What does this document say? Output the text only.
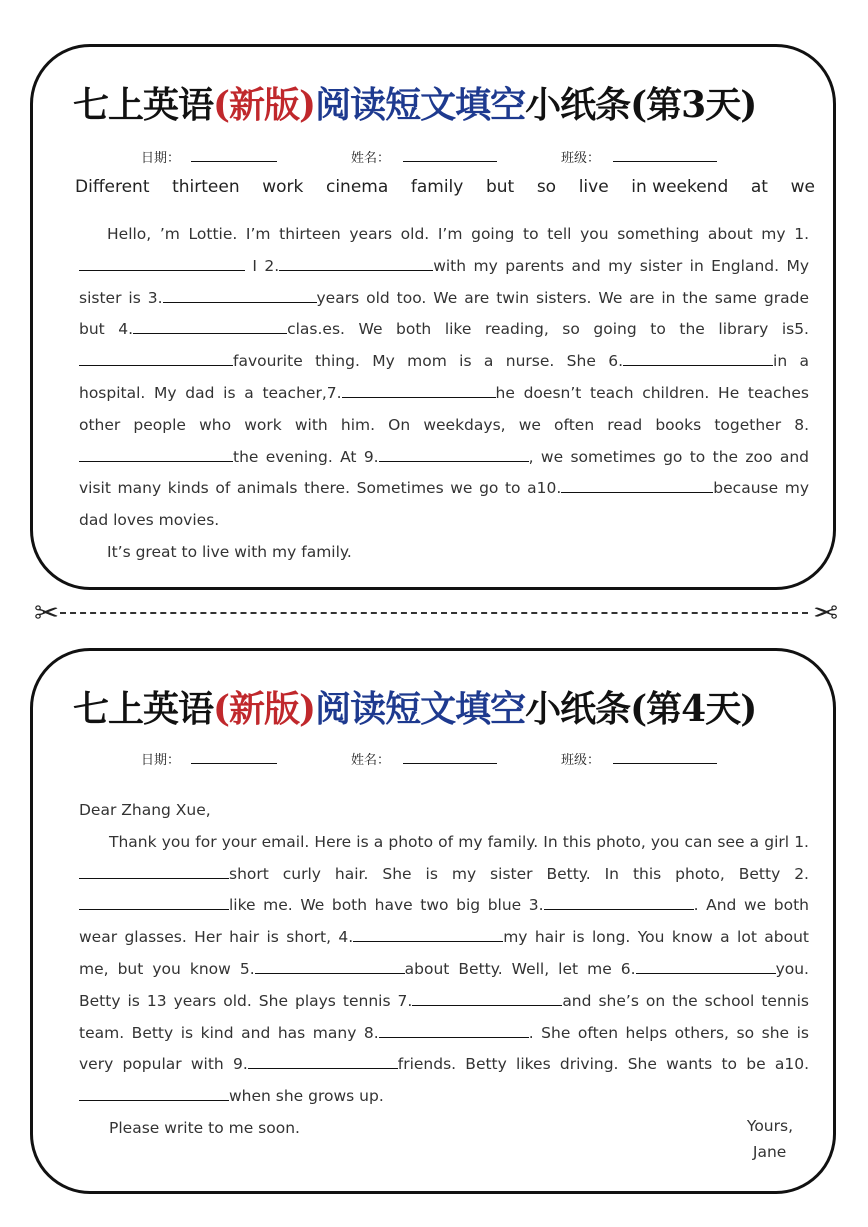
七上英语(新版)阅读短文填空小纸条(第3天)
日期：	姓名：	班级：
Different thirteen work cinema family but so live in weekend at we

Hello, ’m Lottie. I’m thirteen years old. I’m going to tell you something about my 1. I 2.	with my parents and my sister in England. My sister is 3.	years old too. We are twin sisters. We are in the same grade but 4.	clas.es. We both like reading, so going to the library is5.favourite thing. My mom is a nurse. She 6.	in a hospital. My dad is a teacher,7.	he doesn’t teach children. He teaches other people who work with him. On weekdays, we often read books together 8.the evening. At 9.	, we sometimes go to the zoo and visit many kinds of animals there. Sometimes we go to a10.	because my dad loves movies.

It’s great to live with my family.

✂	✂
七上英语(新版)阅读短文填空小纸条(第4天)
日期：	姓名：	班级：

Dear Zhang Xue,

Thank you for your email. Here is a photo of my family. In this photo, you can see a girl 1.short curly hair. She is my sister Betty. In this photo, Betty 2.like me. We both have two big blue 3.	. And we both wear glasses. Her hair is short, 4.	my hair is long. You know a lot about me, but you know 5.	about Betty. Well, let me 6.	you. Betty is 13 years old. She plays tennis 7.	and she’s on the school tennis team. Betty is kind and has many 8.	. She often helps others, so she is very popular with 9.	friends. Betty likes driving. She wants to be a10.when she grows up.

Please write to me soon.	Yours,
Jane
